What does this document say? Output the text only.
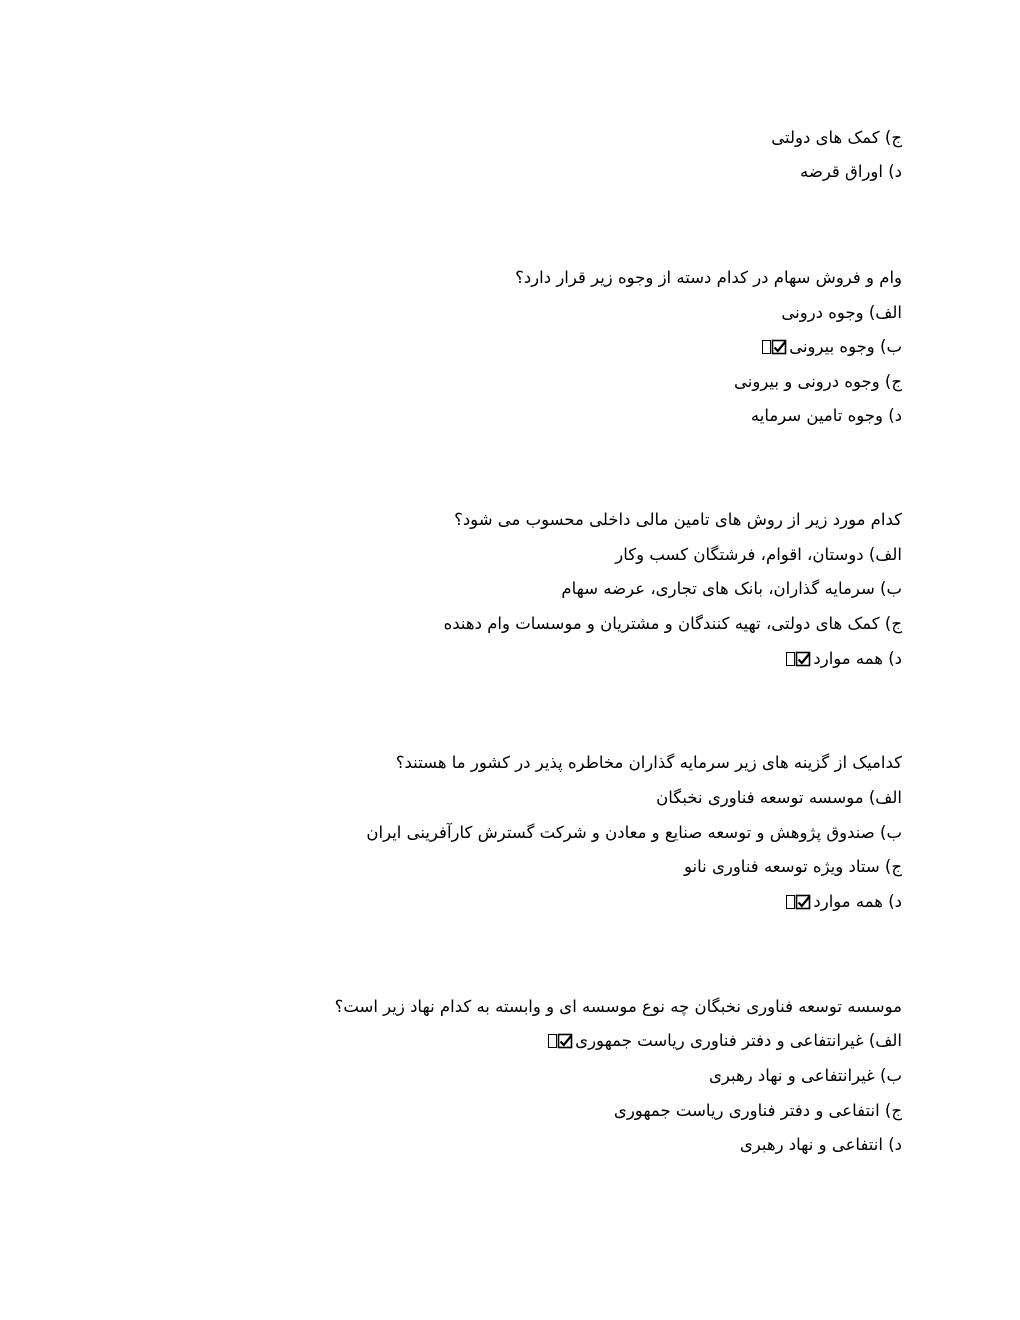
ج) کمک های دولتی
د) اوراق قرضه
وام و فروش سهام در کدام دسته از وجوه زیر قرار دارد؟
الف) وجوه درونی
ب) وجوه بیرونی
ج) وجوه درونی و بیرونی
د) وجوه تامین سرمایه
کدام مورد زیر از روش های تامین مالی داخلی محسوب می شود؟
الف) دوستان، اقوام، فرشتگان کسب وکار
ب) سرمایه گذاران، بانک های تجاری، عرضه سهام
ج) کمک های دولتی، تهیه کنندگان و مشتریان و موسسات وام دهنده
د) همه موارد
کدامیک از گزینه های زیر سرمایه گذاران مخاطره پذیر در کشور ما هستند؟
الف) موسسه توسعه فناوری نخبگان
ب) صندوق پژوهش و توسعه صنایع و معادن و شرکت گسترش کارآفرینی ایران
ج) ستاد ویژه توسعه فناوری نانو
د) همه موارد
موسسه توسعه فناوری نخبگان چه نوع موسسه ای و وابسته به کدام نهاد زیر است؟
الف) غیرانتفاعی و دفتر فناوری ریاست جمهوری
ب) غیرانتفاعی و نهاد رهبری
ج) انتفاعی و دفتر فناوری ریاست جمهوری
د) انتفاعی و نهاد رهبری
